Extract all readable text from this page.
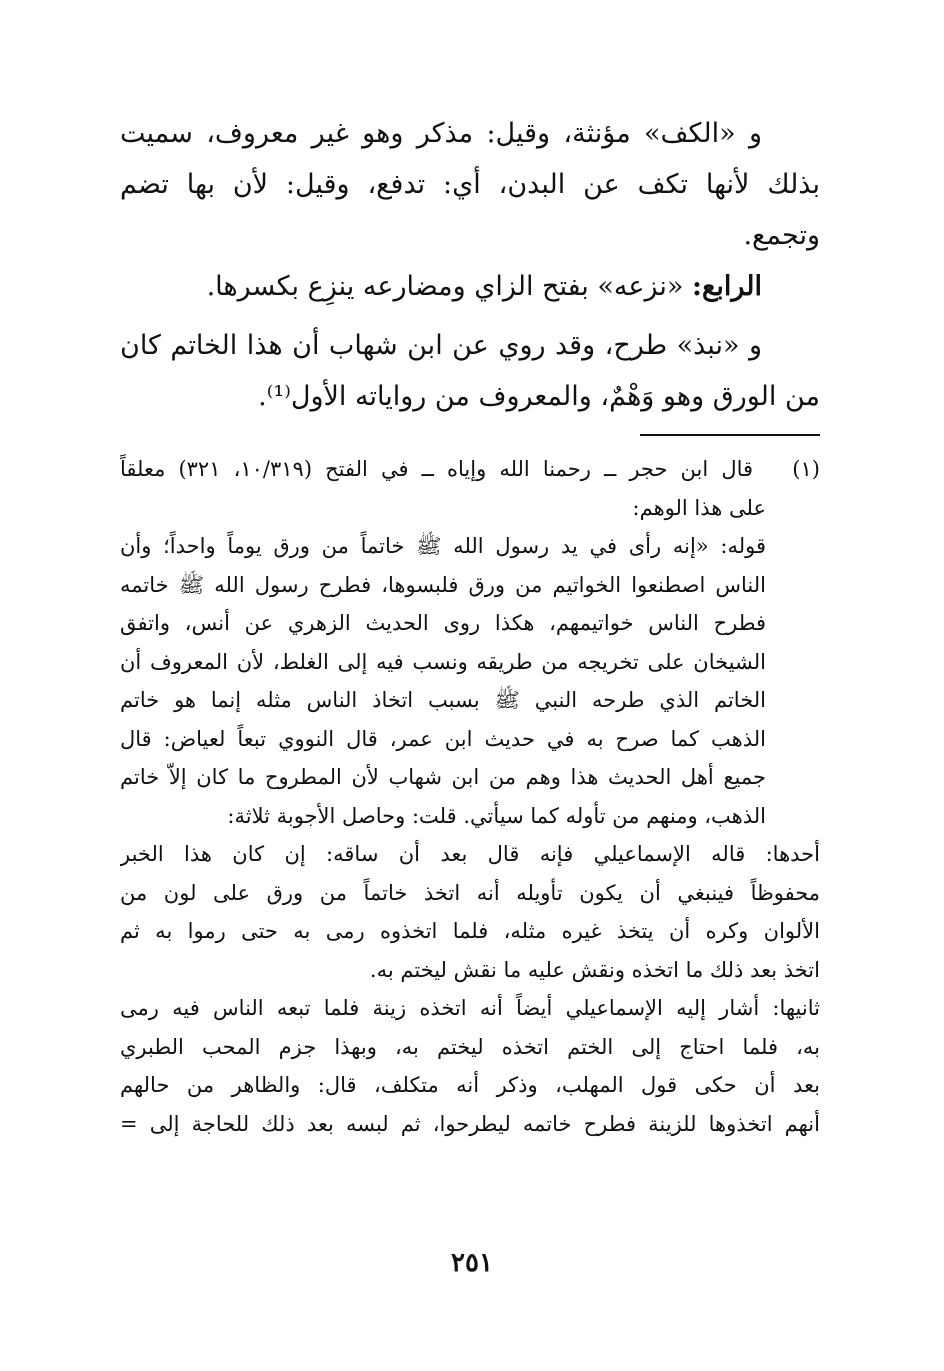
و «الكف» مؤنثة، وقيل: مذكر وهو غير معروف، سميت
بذلك لأنها تكف عن البدن، أي: تدفع، وقيل: لأن بها تضم
وتجمع.
الرابع: «نزعه» بفتح الزاي ومضارعه ينزِع بكسرها.
و «نبذ» طرح، وقد روي عن ابن شهاب أن هذا الخاتم كان
من الورق وهو وَهْمٌ، والمعروف من رواياته الأول⁽¹⁾.
(١)   قال ابن حجر ــ رحمنا الله وإياه ــ في الفتح (١٠/٣١٩، ٣٢١) معلقاً
على هذا الوهم:
قوله: «إنه رأى في يد رسول الله ﷺ خاتماً من ورق يوماً واحداً؛ وأن
الناس اصطنعوا الخواتيم من ورق فلبسوها، فطرح رسول الله ﷺ خاتمه
فطرح الناس خواتيمهم، هكذا روى الحديث الزهري عن أنس، واتفق
الشيخان على تخريجه من طريقه ونسب فيه إلى الغلط، لأن المعروف أن
الخاتم الذي طرحه النبي ﷺ بسبب اتخاذ الناس مثله إنما هو خاتم
الذهب كما صرح به في حديث ابن عمر، قال النووي تبعاً لعياض: قال
جميع أهل الحديث هذا وهم من ابن شهاب لأن المطروح ما كان إلاّ خاتم
الذهب، ومنهم من تأوله كما سيأتي. قلت: وحاصل الأجوبة ثلاثة:
أحدها: قاله الإسماعيلي فإنه قال بعد أن ساقه: إن كان هذا الخبر
محفوظاً فينبغي أن يكون تأويله أنه اتخذ خاتماً من ورق على لون من
الألوان وكره أن يتخذ غيره مثله، فلما اتخذوه رمى به حتى رموا به ثم
اتخذ بعد ذلك ما اتخذه ونقش عليه ما نقش ليختم به.
ثانيها: أشار إليه الإسماعيلي أيضاً أنه اتخذه زينة فلما تبعه الناس فيه رمى
به، فلما احتاج إلى الختم اتخذه ليختم به، وبهذا جزم المحب الطبري
بعد أن حكى قول المهلب، وذكر أنه متكلف، قال: والظاهر من حالهم
أنهم اتخذوها للزينة فطرح خاتمه ليطرحوا، ثم لبسه بعد ذلك للحاجة إلى =
٢٥١
